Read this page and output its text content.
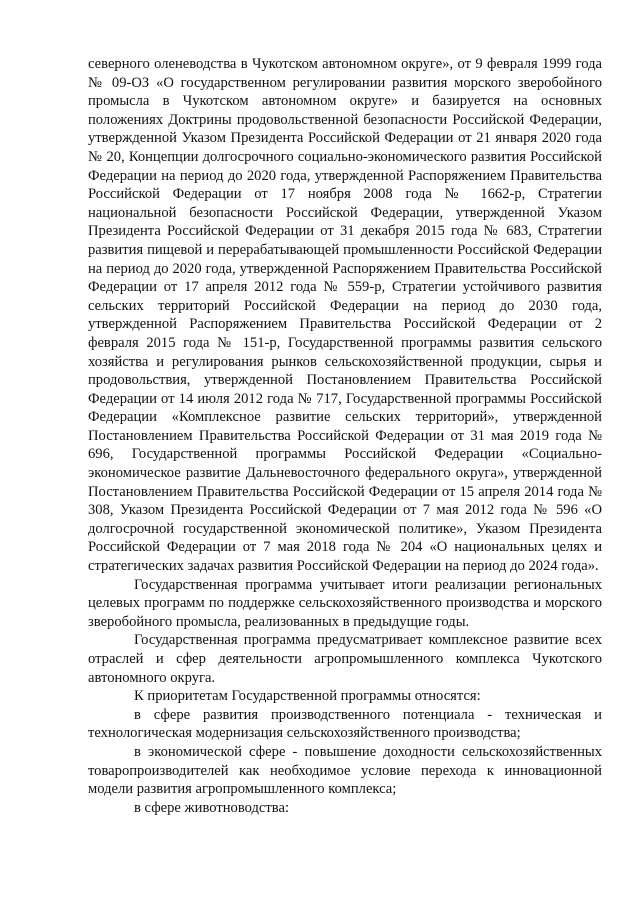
северного оленеводства в Чукотском автономном округе», от 9 февраля 1999 года № 09-ОЗ «О государственном регулировании развития морского зверобойного промысла в Чукотском автономном округе» и базируется на основных положениях Доктрины продовольственной безопасности Российской Федерации, утвержденной Указом Президента Российской Федерации от 21 января 2020 года № 20, Концепции долгосрочного социально-экономического развития Российской Федерации на период до 2020 года, утвержденной Распоряжением Правительства Российской Федерации от 17 ноября 2008 года № 1662-р, Стратегии национальной безопасности Российской Федерации, утвержденной Указом Президента Российской Федерации от 31 декабря 2015 года № 683, Стратегии развития пищевой и перерабатывающей промышленности Российской Федерации на период до 2020 года, утвержденной Распоряжением Правительства Российской Федерации от 17 апреля 2012 года № 559-р, Стратегии устойчивого развития сельских территорий Российской Федерации на период до 2030 года, утвержденной Распоряжением Правительства Российской Федерации от 2 февраля 2015 года № 151-р, Государственной программы развития сельского хозяйства и регулирования рынков сельскохозяйственной продукции, сырья и продовольствия, утвержденной Постановлением Правительства Российской Федерации от 14 июля 2012 года № 717, Государственной программы Российской Федерации «Комплексное развитие сельских территорий», утвержденной Постановлением Правительства Российской Федерации от 31 мая 2019 года № 696, Государственной программы Российской Федерации «Социально-экономическое развитие Дальневосточного федерального округа», утвержденной Постановлением Правительства Российской Федерации от 15 апреля 2014 года № 308, Указом Президента Российской Федерации от 7 мая 2012 года № 596 «О долгосрочной государственной экономической политике», Указом Президента Российской Федерации от 7 мая 2018 года № 204 «О национальных целях и стратегических задачах развития Российской Федерации на период до 2024 года».

Государственная программа учитывает итоги реализации региональных целевых программ по поддержке сельскохозяйственного производства и морского зверобойного промысла, реализованных в предыдущие годы.

Государственная программа предусматривает комплексное развитие всех отраслей и сфер деятельности агропромышленного комплекса Чукотского автономного округа.

К приоритетам Государственной программы относятся:

в сфере развития производственного потенциала - техническая и технологическая модернизация сельскохозяйственного производства;

в экономической сфере - повышение доходности сельскохозяйственных товаропроизводителей как необходимое условие перехода к инновационной модели развития агропромышленного комплекса;

в сфере животноводства:
